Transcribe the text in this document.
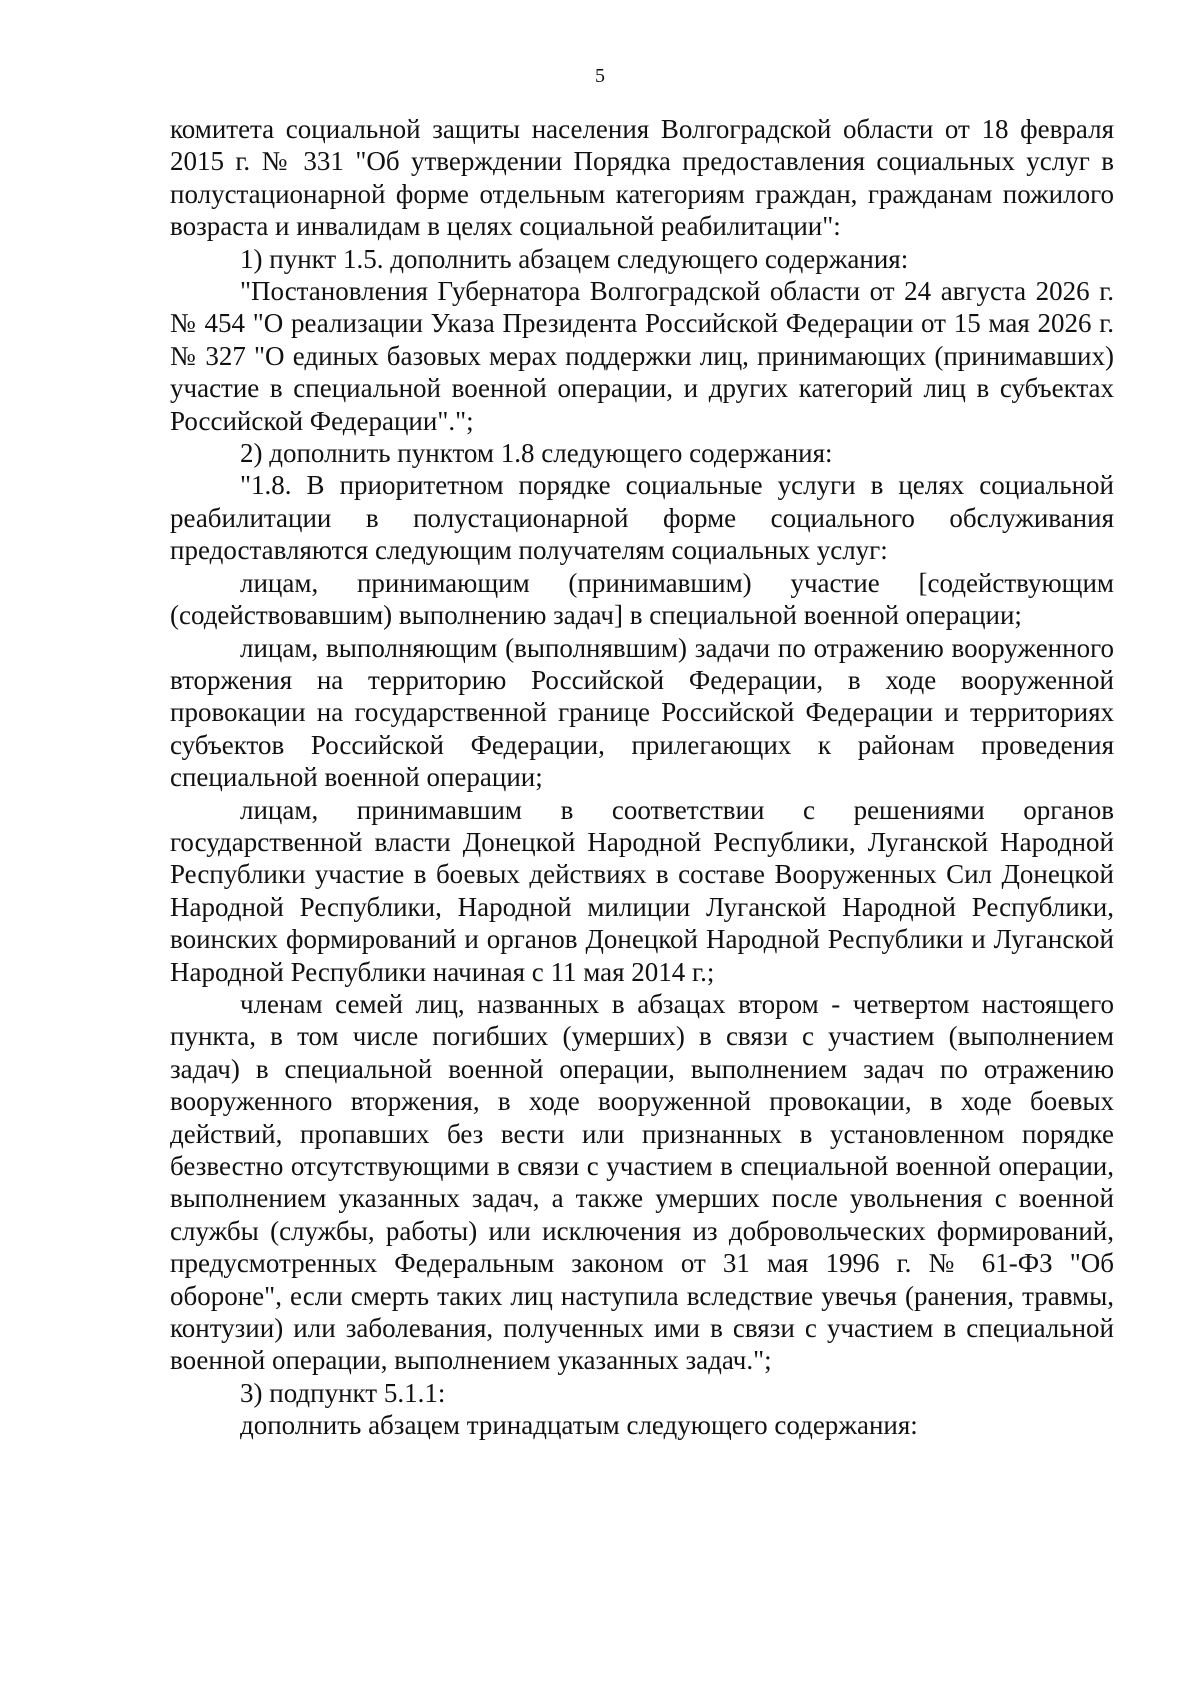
5

комитета социальной защиты населения Волгоградской области от 18 февраля 2015 г. № 331 "Об утверждении Порядка предоставления социальных услуг в полустационарной форме отдельным категориям граждан, гражданам пожилого возраста и инвалидам в целях социальной реабилитации":

1) пункт 1.5. дополнить абзацем следующего содержания:

"Постановления Губернатора Волгоградской области от 24 августа 2026 г. № 454 "О реализации Указа Президента Российской Федерации от 15 мая 2026 г. № 327 "О единых базовых мерах поддержки лиц, принимающих (принимавших) участие в специальной военной операции, и других категорий лиц в субъектах Российской Федерации".";

2) дополнить пунктом 1.8 следующего содержания:

"1.8. В приоритетном порядке социальные услуги в целях социальной реабилитации в полустационарной форме социального обслуживания предоставляются следующим получателям социальных услуг:

лицам, принимающим (принимавшим) участие [содействующим (содействовавшим) выполнению задач] в специальной военной операции;

лицам, выполняющим (выполнявшим) задачи по отражению вооруженного вторжения на территорию Российской Федерации, в ходе вооруженной провокации на государственной границе Российской Федерации и территориях субъектов Российской Федерации, прилегающих к районам проведения специальной военной операции;

лицам, принимавшим в соответствии с решениями органов государственной власти Донецкой Народной Республики, Луганской Народной Республики участие в боевых действиях в составе Вооруженных Сил Донецкой Народной Республики, Народной милиции Луганской Народной Республики, воинских формирований и органов Донецкой Народной Республики и Луганской Народной Республики начиная с 11 мая 2014 г.;

членам семей лиц, названных в абзацах втором - четвертом настоящего пункта, в том числе погибших (умерших) в связи с участием (выполнением задач) в специальной военной операции, выполнением задач по отражению вооруженного вторжения, в ходе вооруженной провокации, в ходе боевых действий, пропавших без вести или признанных в установленном порядке безвестно отсутствующими в связи с участием в специальной военной операции, выполнением указанных задач, а также умерших после увольнения с военной службы (службы, работы) или исключения из добровольческих формирований, предусмотренных Федеральным законом от 31 мая 1996 г. № 61-ФЗ "Об обороне", если смерть таких лиц наступила вследствие увечья (ранения, травмы, контузии) или заболевания, полученных ими в связи с участием в специальной военной операции, выполнением указанных задач.";

3) подпункт 5.1.1:

дополнить абзацем тринадцатым следующего содержания:
